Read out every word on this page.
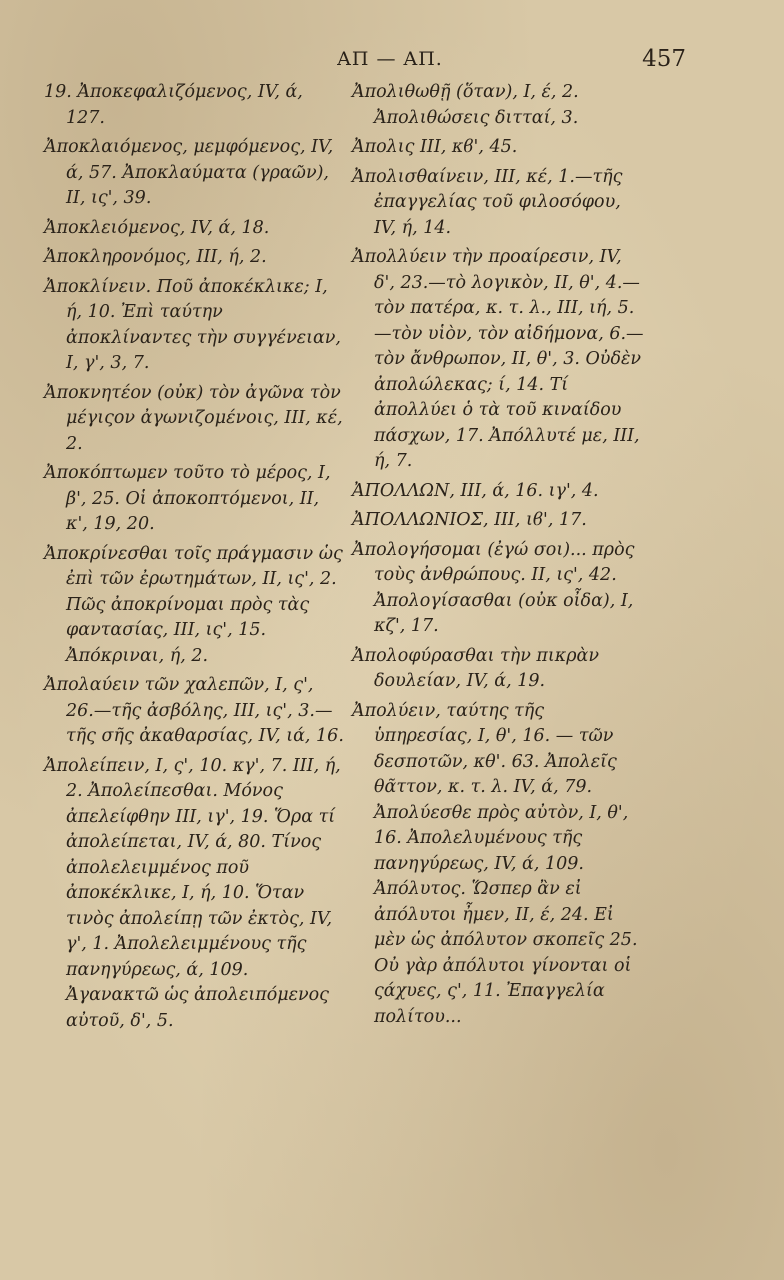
ΑΠ — ΑΠ.	457

19. Ἀποκεφαλιζόμενος, IV, ά, 127.

Ἀποκλαιόμενος, μεμφόμενος, IV, ά, 57. Ἀποκλαύματα (γραῶν), II, ις', 39.

Ἀποκλειόμενος, IV, ά, 18.

Ἀποκληρονόμος, III, ή, 2.

Ἀποκλίνειν. Ποῦ ἀποκέκλικε; I, ή, 10. Ἐπὶ ταύτην ἀποκλίναντες τὴν συγγένειαν, I, γ', 3, 7.

Ἀποκνητέον (οὐκ) τὸν ἀγῶνα τὸν μέγιςον ἀγωνιζομένοις, III, κέ, 2.

Ἀποκόπτωμεν τοῦτο τὸ μέρος, I, β', 25. Οἱ ἀποκοπτόμενοι, II, κ', 19, 20.

Ἀποκρίνεσθαι τοῖς πράγμασιν ὡς ἐπὶ τῶν ἐρωτημάτων, II, ις', 2. Πῶς ἀποκρίνομαι πρὸς τὰς φαντασίας, III, ις', 15. Ἀπόκριναι, ή, 2.

Ἀπολαύειν τῶν χαλεπῶν, I, ς', 26.—τῆς ἀσβόλης, III, ις', 3.—τῆς σῆς ἀκαθαρσίας, IV, ιά, 16.

Ἀπολείπειν, I, ς', 10. κγ', 7. III, ή, 2. Ἀπολείπεσθαι. Μόνος ἀπελείφθην III, ιγ', 19. Ὅρα τί ἀπολείπεται, IV, ά, 80. Τίνος ἀπολελειμμένος ποῦ ἀποκέκλικε, I, ή, 10. Ὅταν τινὸς ἀπολείπῃ τῶν ἐκτὸς, IV, γ', 1. Ἀπολελειμμένους τῆς πανηγύρεως, ά, 109. Ἀγανακτῶ ὡς ἀπολειπόμενος αὐτοῦ, δ', 5.

Ἀπολιθωθῇ (ὅταν), I, έ, 2. Ἀπολιθώσεις διτταί, 3.

Ἀπολις III, κϐ', 45.

Ἀπολισθαίνειν, III, κέ, 1.—τῆς ἐπαγγελίας τοῦ φιλοσόφου, IV, ή, 14.

Ἀπολλύειν τὴν προαίρεσιν, IV, δ', 23.—τὸ λογικὸν, II, θ', 4.—τὸν πατέρα, κ. τ. λ., III, ιή, 5.—τὸν υἱὸν, τὸν αἰδήμονα, 6.—τὸν ἄνθρωπον, II, θ', 3. Οὐδὲν ἀπολώλεκας; ί, 14. Τί ἀπολλύει ὁ τὰ τοῦ κιναίδου πάσχων, 17. Ἀπόλλυτέ με, III, ή, 7.

ἈΠΟΛΛΩΝ, III, ά, 16. ιγ', 4.

ἈΠΟΛΛΩΝΙΟΣ, III, ιϐ', 17.

Ἀπολογήσομαι (ἐγώ σοι)... πρὸς τοὺς ἀνθρώπους. II, ις', 42. Ἀπολογίσασθαι (οὐκ οἶδα), I, κζ', 17.

Ἀπολοφύρασθαι τὴν πικρὰν δουλείαν, IV, ά, 19.

Ἀπολύειν, ταύτης τῆς ὑπηρεσίας, I, θ', 16. — τῶν δεσποτῶν, κθ'. 63. Ἀπολεῖς θᾶττον, κ. τ. λ. IV, ά, 79. Ἀπολύεσθε πρὸς αὐτὸν, I, θ', 16. Ἀπολελυμένους τῆς πανηγύρεως, IV, ά, 109. Ἀπόλυτος. Ὥσπερ ἂν εἰ ἀπόλυτοι ἦμεν, II, έ, 24. Εἰ μὲν ὡς ἀπόλυτον σκοπεῖς 25. Οὐ γὰρ ἀπόλυτοι γίνονται οἱ ςάχυες, ς', 11. Ἐπαγγελία πολίτου...
